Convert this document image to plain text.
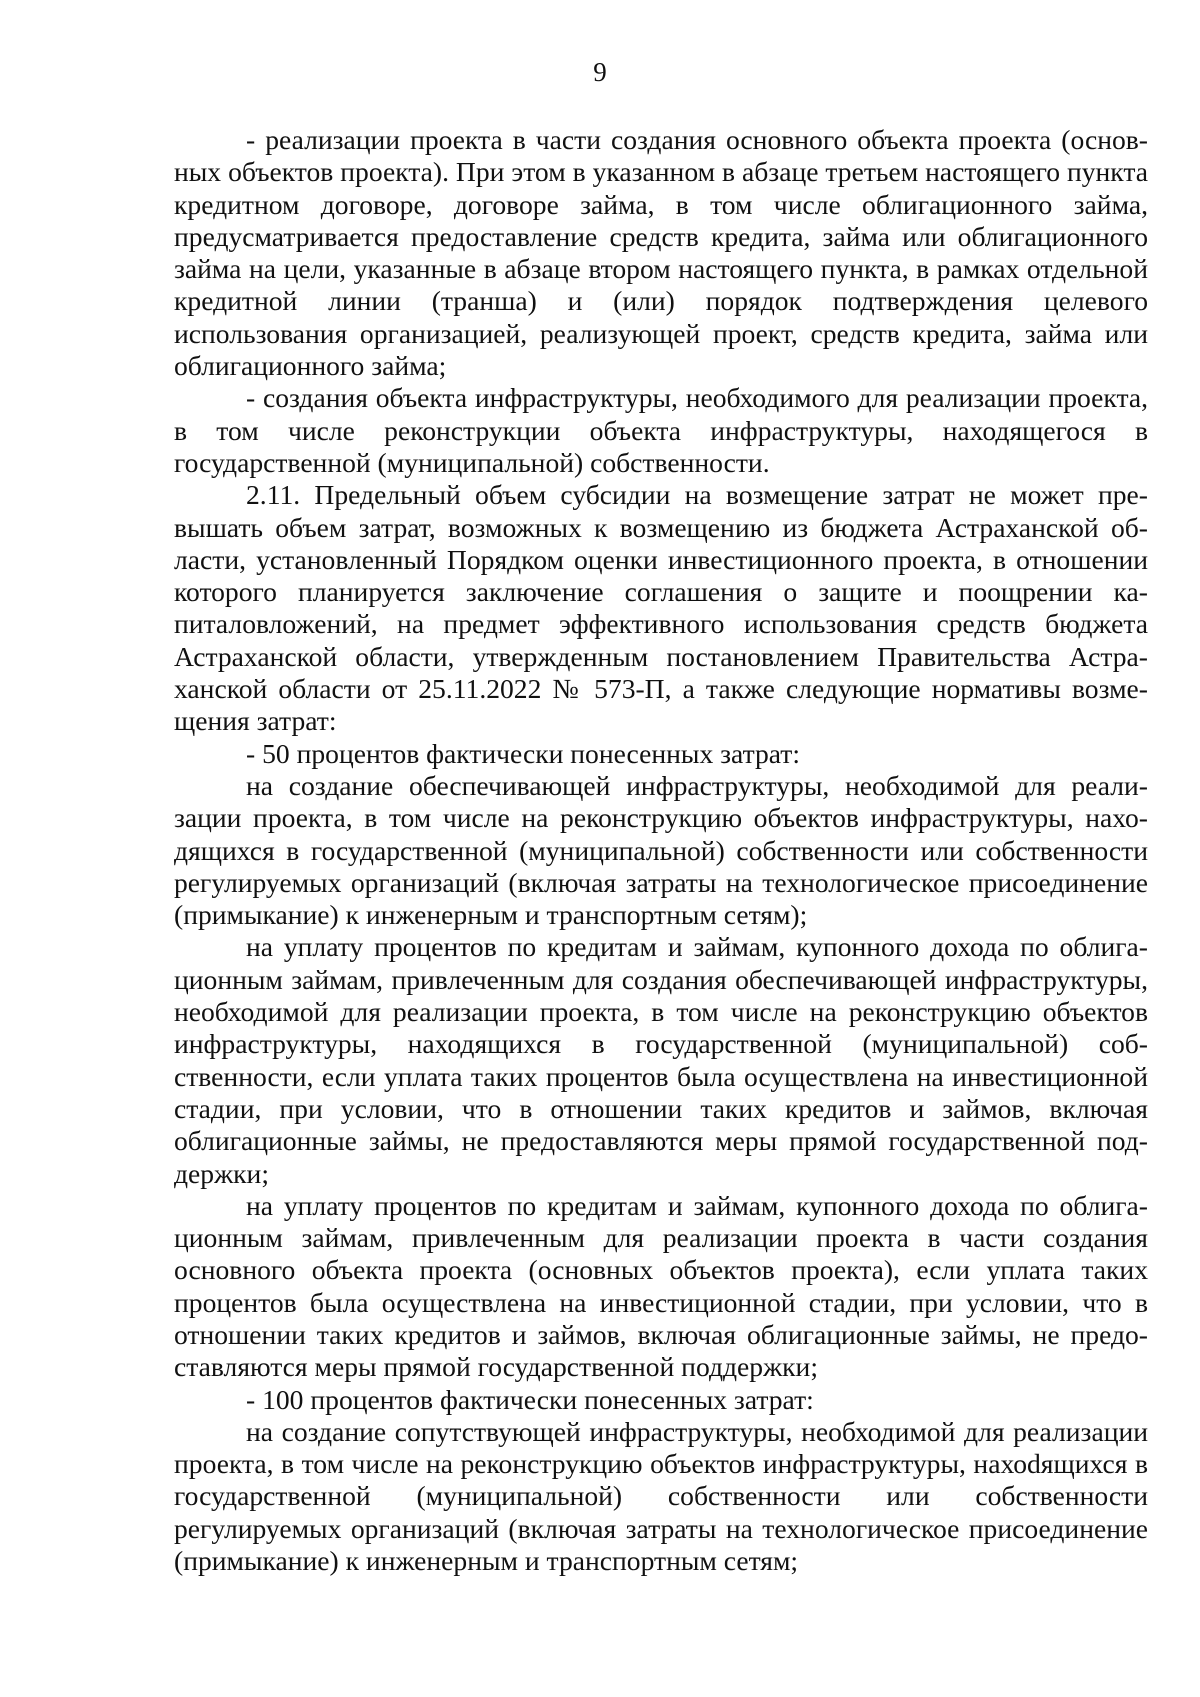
9

- реализации проекта в части создания основного объекта проекта (основных объектов проекта). При этом в указанном в абзаце третьем настоящего пункта кредитном договоре, договоре займа, в том числе облигационного займа, предусматривается предоставление средств кредита, займа или облигационного займа на цели, указанные в абзаце втором настоящего пункта, в рамках отдельной кредитной линии (транша) и (или) порядок подтверждения целевого использования организацией, реализующей проект, средств кредита, займа или облигационного займа;

- создания объекта инфраструктуры, необходимого для реализации проекта, в том числе реконструкции объекта инфраструктуры, находящегося в государственной (муниципальной) собственности.

2.11. Предельный объем субсидии на возмещение затрат не может превышать объем затрат, возможных к возмещению из бюджета Астраханской области, установленный Порядком оценки инвестиционного проекта, в отношении которого планируется заключение соглашения о защите и поощрении капиталовложений, на предмет эффективного использования средств бюджета Астраханской области, утвержденным постановлением Правительства Астраханской области от 25.11.2022 № 573-П, а также следующие нормативы возмещения затрат:

- 50 процентов фактически понесенных затрат:

на создание обеспечивающей инфраструктуры, необходимой для реализации проекта, в том числе на реконструкцию объектов инфраструктуры, находящихся в государственной (муниципальной) собственности или собственности регулируемых организаций (включая затраты на технологическое присоединение (примыкание) к инженерным и транспортным сетям);

на уплату процентов по кредитам и займам, купонного дохода по облигационным займам, привлеченным для создания обеспечивающей инфраструктуры, необходимой для реализации проекта, в том числе на реконструкцию объектов инфраструктуры, находящихся в государственной (муниципальной) собственности, если уплата таких процентов была осуществлена на инвестиционной стадии, при условии, что в отношении таких кредитов и займов, включая облигационные займы, не предоставляются меры прямой государственной поддержки;

на уплату процентов по кредитам и займам, купонного дохода по облигационным займам, привлеченным для реализации проекта в части создания основного объекта проекта (основных объектов проекта), если уплата таких процентов была осуществлена на инвестиционной стадии, при условии, что в отношении таких кредитов и займов, включая облигационные займы, не предоставляются меры прямой государственной поддержки;

- 100 процентов фактически понесенных затрат:

на создание сопутствующей инфраструктуры, необходимой для реализации проекта, в том числе на реконструкцию объектов инфраструктуры, нахоdящихся в государственной (муниципальной) собственности или собственности регулируемых организаций (включая затраты на технологическое присоединение (примыкание) к инженерным и транспортным сетям;
